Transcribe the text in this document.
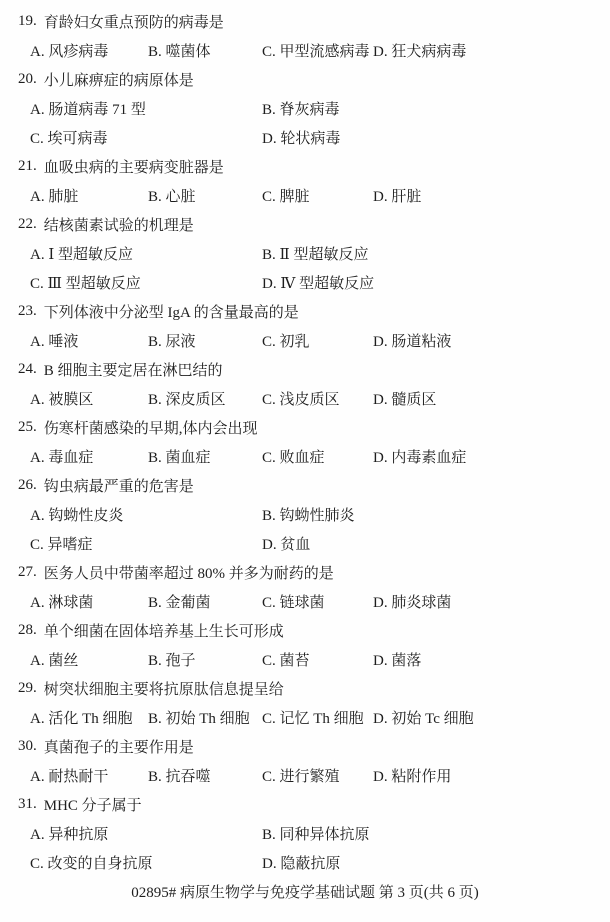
19. 育龄妇女重点预防的病毒是
A. 风疹病毒	B. 噬菌体	C. 甲型流感病毒 D. 狂犬病病毒
20. 小儿麻痹症的病原体是
A. 肠道病毒 71 型	B. 脊灰病毒
C. 埃可病毒	D. 轮状病毒
21. 血吸虫病的主要病变脏器是
A. 肺脏	B. 心脏	C. 脾脏	D. 肝脏
22. 结核菌素试验的机理是
A. Ⅰ 型超敏反应	B. Ⅱ 型超敏反应
C. Ⅲ 型超敏反应	D. Ⅳ 型超敏反应
23. 下列体液中分泌型 IgA 的含量最高的是
A. 唾液	B. 尿液	C. 初乳	D. 肠道粘液
24. B 细胞主要定居在淋巴结的
A. 被膜区	B. 深皮质区	C. 浅皮质区	D. 髓质区
25. 伤寒杆菌感染的早期,体内会出现
A. 毒血症	B. 菌血症	C. 败血症	D. 内毒素血症
26. 钩虫病最严重的危害是
A. 钩蚴性皮炎	B. 钩蚴性肺炎
C. 异嗜症	D. 贫血
27. 医务人员中带菌率超过 80% 并多为耐药的是
A. 淋球菌	B. 金葡菌	C. 链球菌	D. 肺炎球菌
28. 单个细菌在固体培养基上生长可形成
A. 菌丝	B. 孢子	C. 菌苔	D. 菌落
29. 树突状细胞主要将抗原肽信息提呈给
A. 活化 Th 细胞	B. 初始 Th 细胞 C. 记忆 Th 细胞 D. 初始 Tc 细胞
30. 真菌孢子的主要作用是
A. 耐热耐干	B. 抗吞噬	C. 进行繁殖	D. 粘附作用
31. MHC 分子属于
A. 异种抗原	B. 同种异体抗原
C. 改变的自身抗原	D. 隐蔽抗原
02895# 病原生物学与免疫学基础试题 第 3 页(共 6 页)
